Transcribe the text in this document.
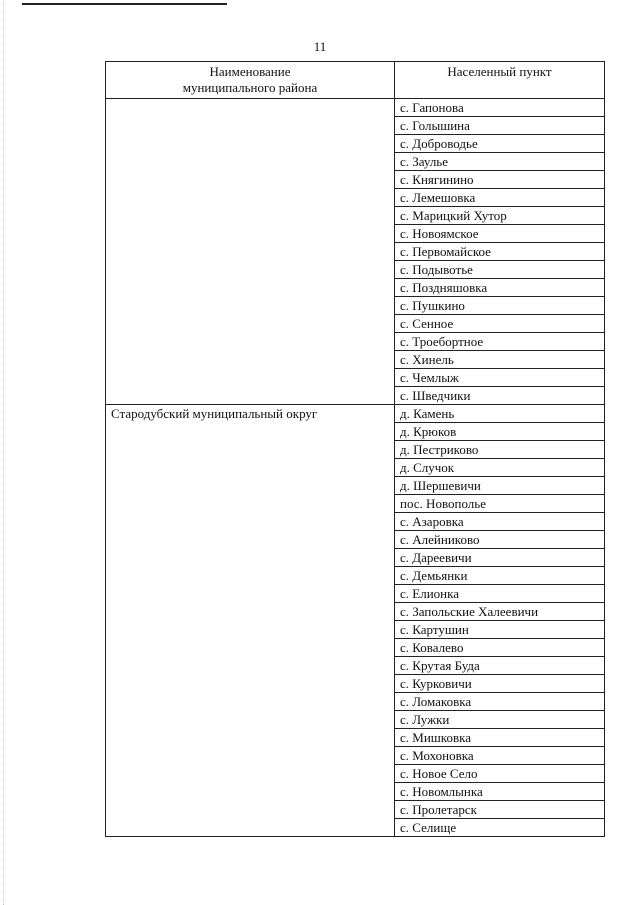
11
Наименование
муниципального района	Населенный пункт
	с. Гапонова
	с. Голышина
	с. Доброводье
	с. Заулье
	с. Княгинино
	с. Лемешовка
	с. Марицкий Хутор
	с. Новоямское
	с. Первомайское
	с. Подывотье
	с. Поздняшовка
	с. Пушкино
	с. Сенное
	с. Троебортное
	с. Хинель
	с. Чемлыж
	с. Шведчики
Стародубский муниципальный округ	д. Камень
	д. Крюков
	д. Пестриково
	д. Случок
	д. Шершевичи
	пос. Новополье
	с. Азаровка
	с. Алейниково
	с. Дареевичи
	с. Демьянки
	с. Елионка
	с. Запольские Халеевичи
	с. Картушин
	с. Ковалево
	с. Крутая Буда
	с. Курковичи
	с. Ломаковка
	с. Лужки
	с. Мишковка
	с. Мохоновка
	с. Новое Село
	с. Новомлынка
	с. Пролетарск
	с. Селище
